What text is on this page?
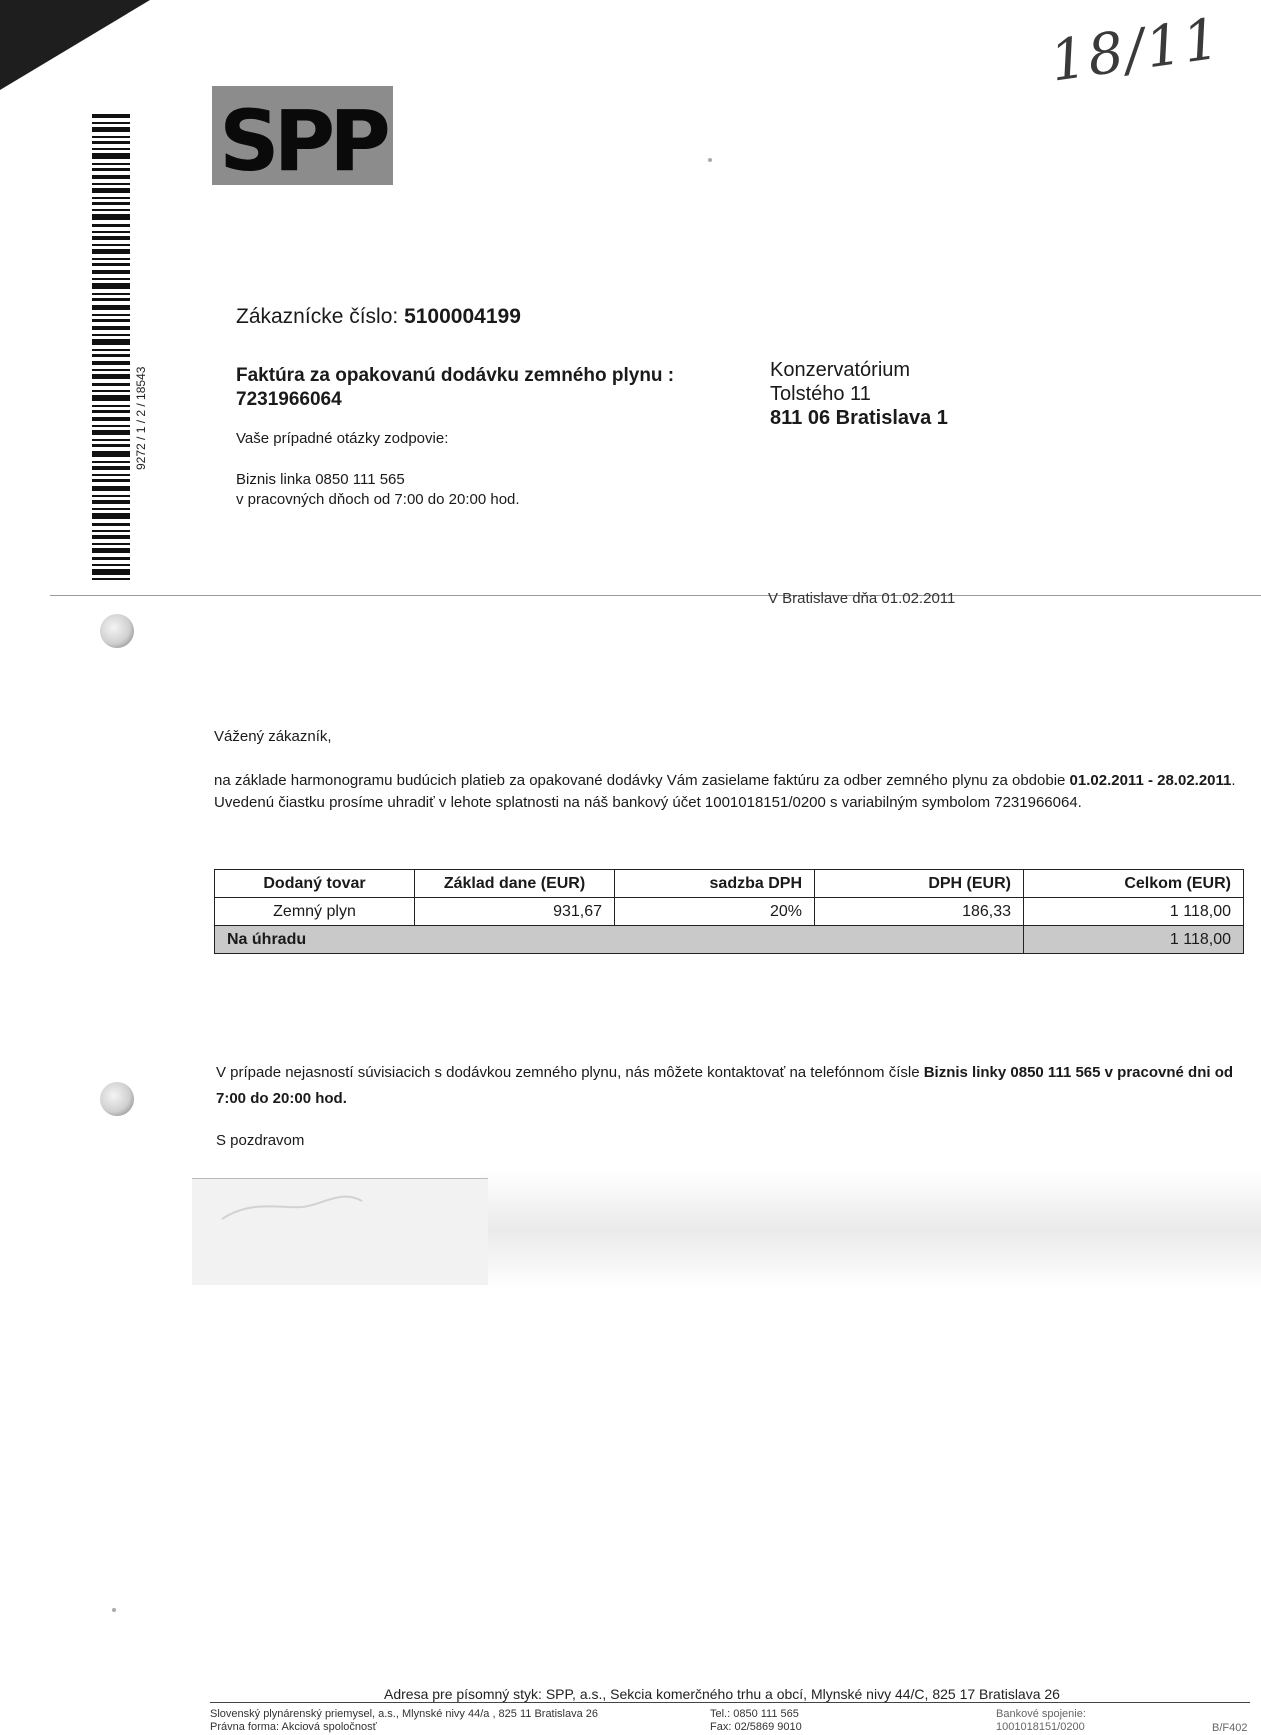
18/11
SPP
9272 / 1 / 2 / 18543
Zákaznícke číslo: 5100004199
Faktúra za opakovanú dodávku zemného plynu :
7231966064
Vaše prípadné otázky zodpovie:
Biznis linka 0850 111 565
v pracovných dňoch od 7:00 do 20:00 hod.
Konzervatórium
Tolstého 11
811 06 Bratislava 1
V Bratislave dňa 01.02.2011
Vážený zákazník,
na základe harmonogramu budúcich platieb za opakované dodávky Vám zasielame faktúru za odber zemného plynu za obdobie 01.02.2011 - 28.02.2011.
Uvedenú čiastku prosíme uhradiť v lehote splatnosti na náš bankový účet 1001018151/0200 s variabilným symbolom 7231966064.
Dodaný tovar	Základ dane (EUR)	sadzba DPH	DPH (EUR)	Celkom (EUR)
Zemný plyn	931,67	20%	186,33	1 118,00
Na úhradu				1 118,00
V prípade nejasností súvisiacich s dodávkou zemného plynu, nás môžete kontaktovať na telefónnom čísle Biznis linky 0850 111 565 v pracovné dni od 7:00 do 20:00 hod.
S pozdravom
Adresa pre písomný styk: SPP, a.s., Sekcia komerčného trhu a obcí, Mlynské nivy 44/C, 825 17 Bratislava 26
Slovenský plynárenský priemysel, a.s., Mlynské nivy 44/a , 825 11 Bratislava 26
Právna forma: Akciová spoločnosť
Tel.: 0850 111 565
Fax: 02/5869 9010
Bankové spojenie:
1001018151/0200	B/F402
